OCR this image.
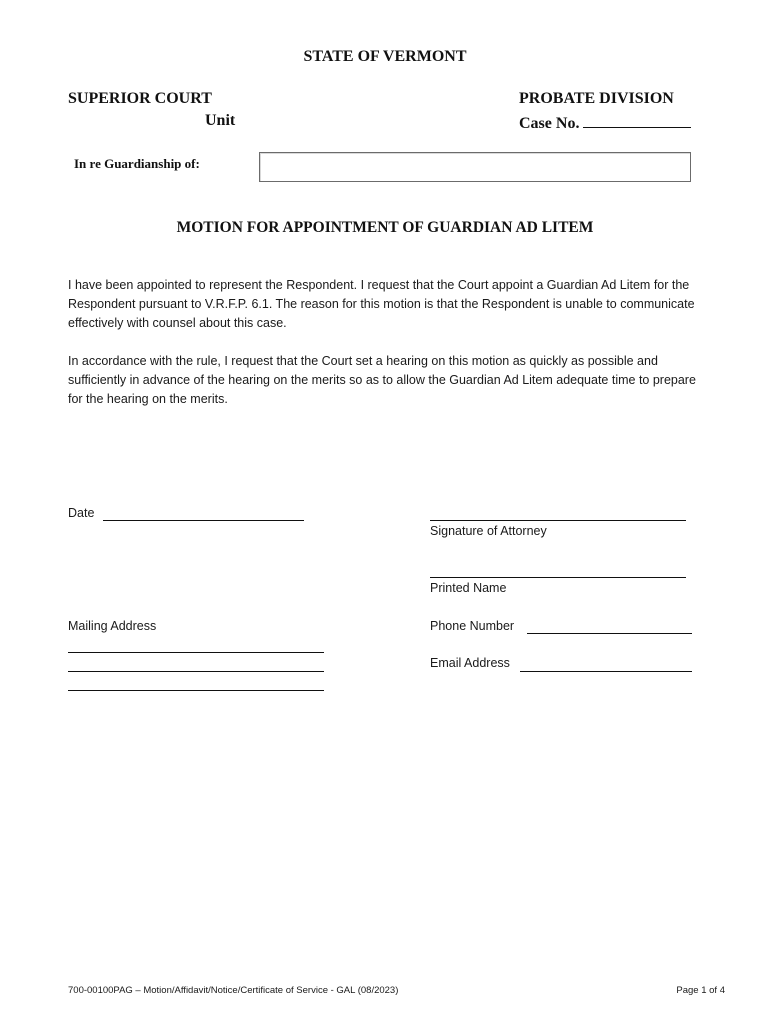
STATE OF VERMONT
SUPERIOR COURT
Unit
PROBATE DIVISION
Case No.
In re Guardianship of:
MOTION FOR APPOINTMENT OF GUARDIAN AD LITEM
I have been appointed to represent the Respondent. I request that the Court appoint a Guardian Ad Litem for the Respondent pursuant to V.R.F.P. 6.1. The reason for this motion is that the Respondent is unable to communicate effectively with counsel about this case.
In accordance with the rule, I request that the Court set a hearing on this motion as quickly as possible and sufficiently in advance of the hearing on the merits so as to allow the Guardian Ad Litem adequate time to prepare for the hearing on the merits.
Date
Signature of Attorney
Printed Name
Mailing Address	Phone Number
Email Address
700-00100PAG – Motion/Affidavit/Notice/Certificate of Service - GAL (08/2023)	Page 1 of 4
